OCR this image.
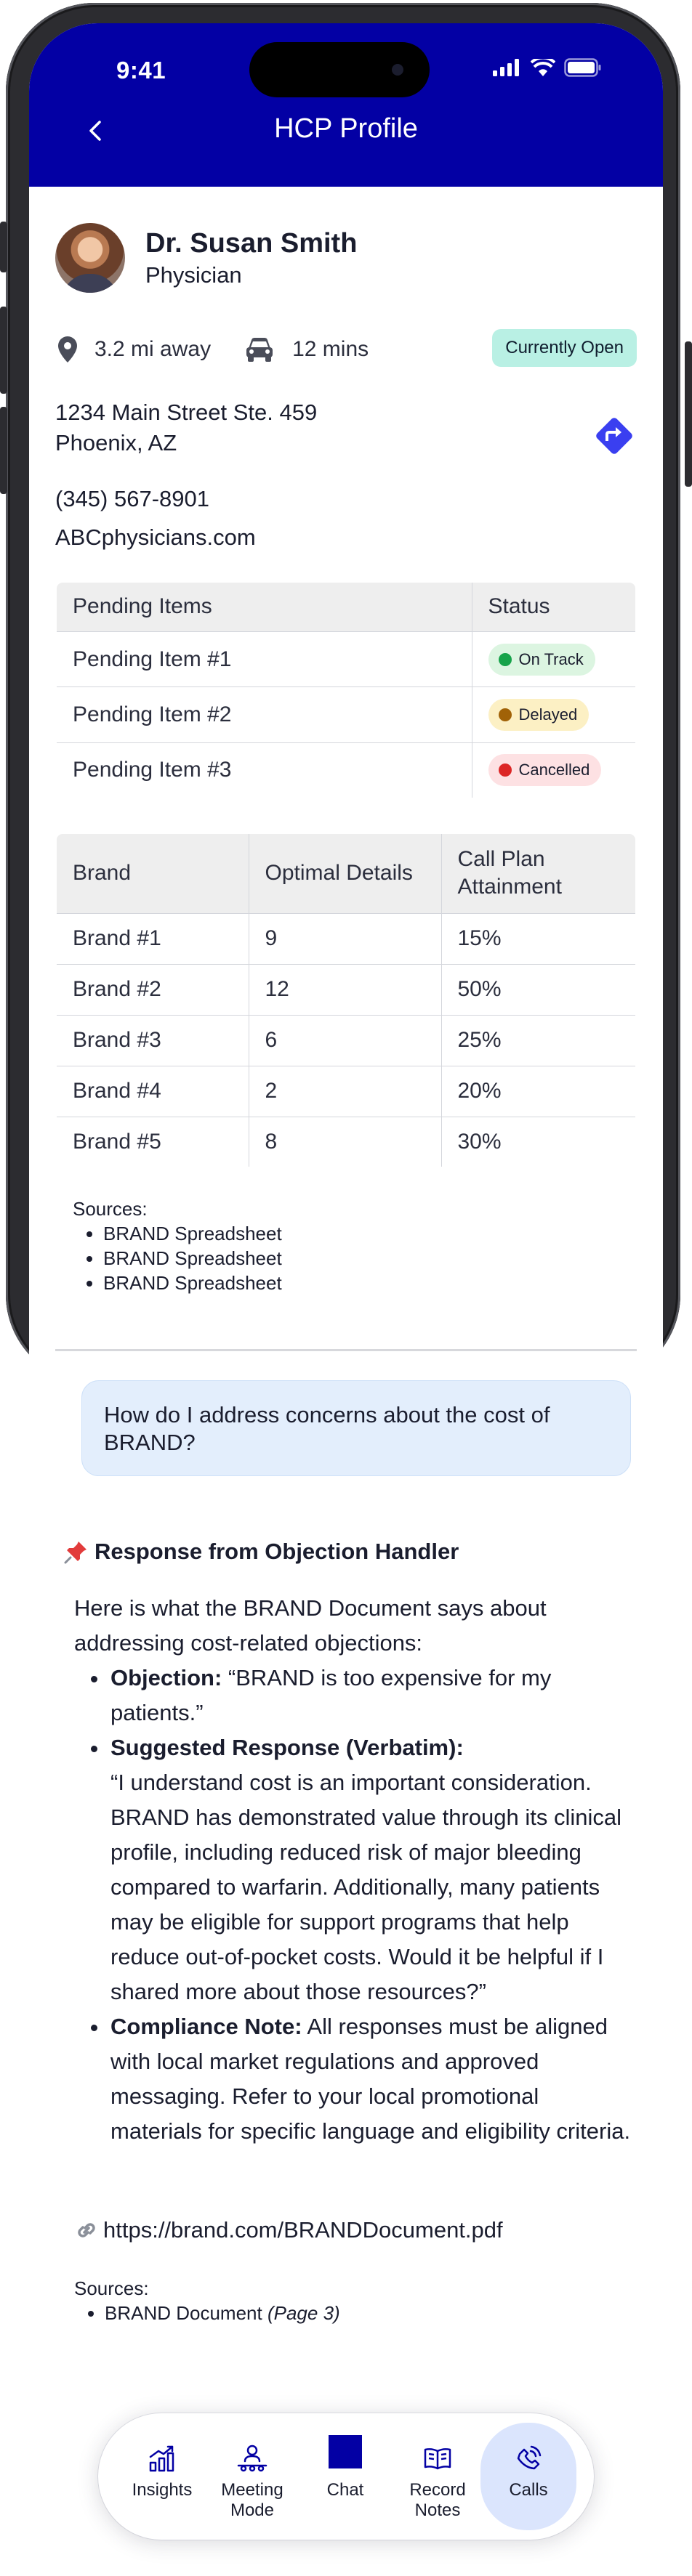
9:41
HCP Profile
Dr. Susan Smith
Physician
3.2 mi away	12 mins	Currently Open
1234 Main Street Ste. 459
Phoenix, AZ
(345) 567-8901
ABCphysicians.com
Pending Items	Status
Pending Item #1	On Track

Pending Item #2	Delayed

Pending Item #3	Cancelled
Brand	Optimal Details	Call Plan Attainment
Brand #1	9	15%
Brand #2	12	50%
Brand #3	6	25%
Brand #4	2	20%
Brand #5	8	30%
Sources:
• BRAND Spreadsheet
• BRAND Spreadsheet
• BRAND Spreadsheet
How do I address concerns about the cost of BRAND?
Response from Objection Handler
Here is what the BRAND Document says about addressing cost-related objections:
• Objection: “BRAND is too expensive for my patients.”
• Suggested Response (Verbatim):
“I understand cost is an important consideration. BRAND has demonstrated value through its clinical profile, including reduced risk of major bleeding compared to warfarin. Additionally, many patients may be eligible for support programs that help reduce out-of-pocket costs. Would it be helpful if I shared more about those resources?”
• Compliance Note: All responses must be aligned with local market regulations and approved messaging. Refer to your local promotional materials for specific language and eligibility criteria.
https://brand.com/BRANDDocument.pdf
Sources:
• BRAND Document (Page 3)
Insights	Meeting Mode
Chat	Record Notes
Calls
